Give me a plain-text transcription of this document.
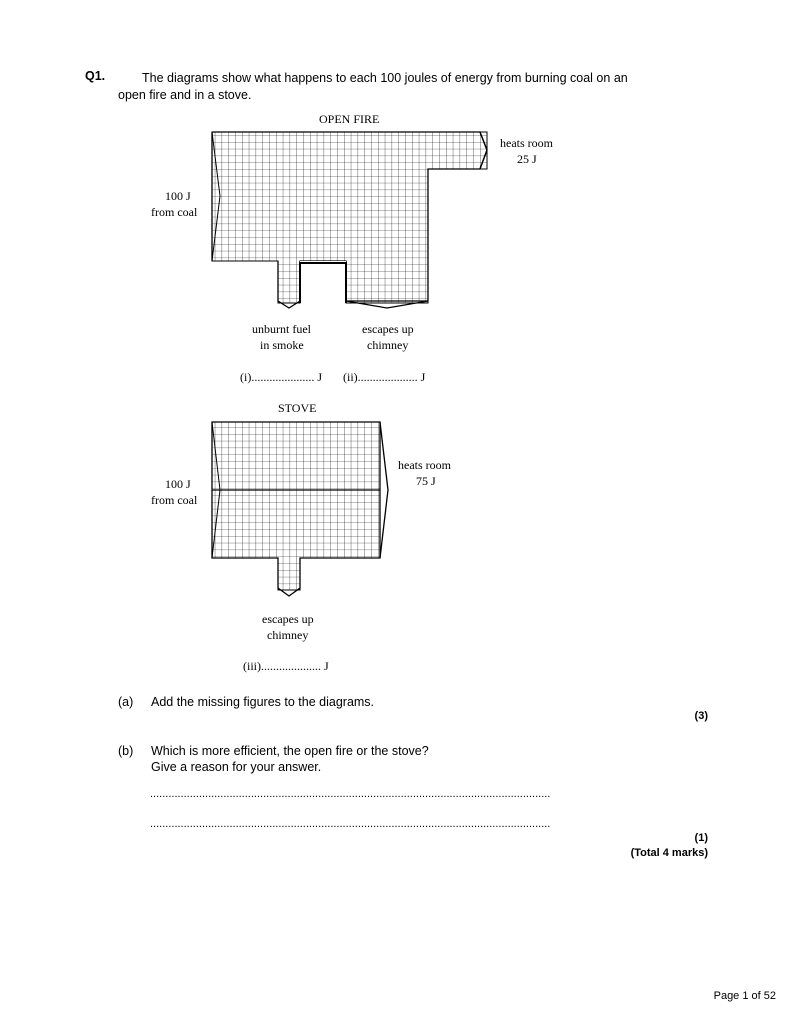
Q1.	The diagrams show what happens to each 100 joules of energy from burning coal on an
open fire and in a stove.
OPEN FIRE
heats room
25 J
100 J
from coal
unburnt fuel
in smoke
escapes up
chimney
(i)..................... J (ii).................... J
STOVE
heats room
75 J
100 J
from coal
escapes up
chimney
(iii).................... J
(a) Add the missing figures to the diagrams.
(3)
(b) Which is more efficient, the open fire or the stove?
Give a reason for your answer.
...................................................................................................................................
...................................................................................................................................
(1)
(Total 4 marks)
Page 1 of 52
